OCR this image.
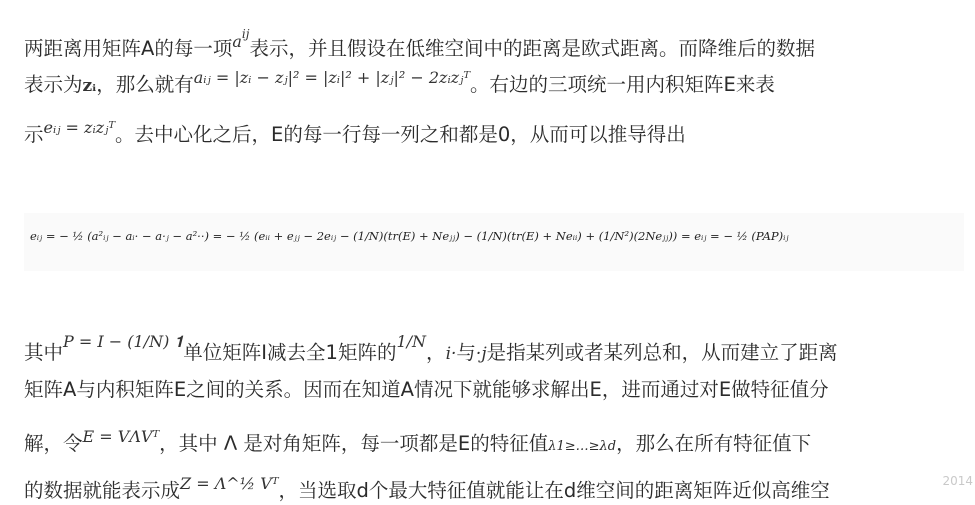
两距离用矩阵A的每一项$^{a^{ij}}$表示，并且假设在低维空间中的距离是欧式距离。而降维后的数据
表示为zᵢ，那么就有$^{aᵢⱼ = |zᵢ - zⱼ|^2 = |zᵢ|^2 + |zⱼ|^2 - 2zᵢzⱼᵀ}$。右边的三项统一用内积矩阵E来表
示$^{eᵢⱼ = zᵢzⱼᵀ}$。去中心化之后，E的每一行每一列之和都是0，从而可以推导得出
eᵢⱼ = − ½ (a²ᵢⱼ − aᵢ· − a·ⱼ − a²··) = − ½ (eᵢᵢ + eⱼⱼ − 2eᵢⱼ − (1/N)(tr(E) + Neⱼⱼ) − (1/N)(tr(E) + Neᵢᵢ) + (1/N²)(2Neⱼⱼ)) = eᵢⱼ = − ½ (PAP)ᵢⱼ
其中$^{P = I - (1/N) 𝟏}$单位矩阵I减去全1矩阵的$^{1/N}$，i·与·j是指某列或者某列总和，从而建立了距离
矩阵A与内积矩阵E之间的关系。因而在知道A情况下就能够求解出E，进而通过对E做特征值分
解，令$^{E = V\Lambda Vᵀ}$，其中 Λ 是对角矩阵，每一项都是E的特征值λ1≥…≥λd，那么在所有特征值下
的数据就能表示成$^{Z = \Lambda\^{}\frac{1}{2} Vᵀ}$，当选取d个最大特征值就能让在d维空间的距离矩阵近似高维空	2014
